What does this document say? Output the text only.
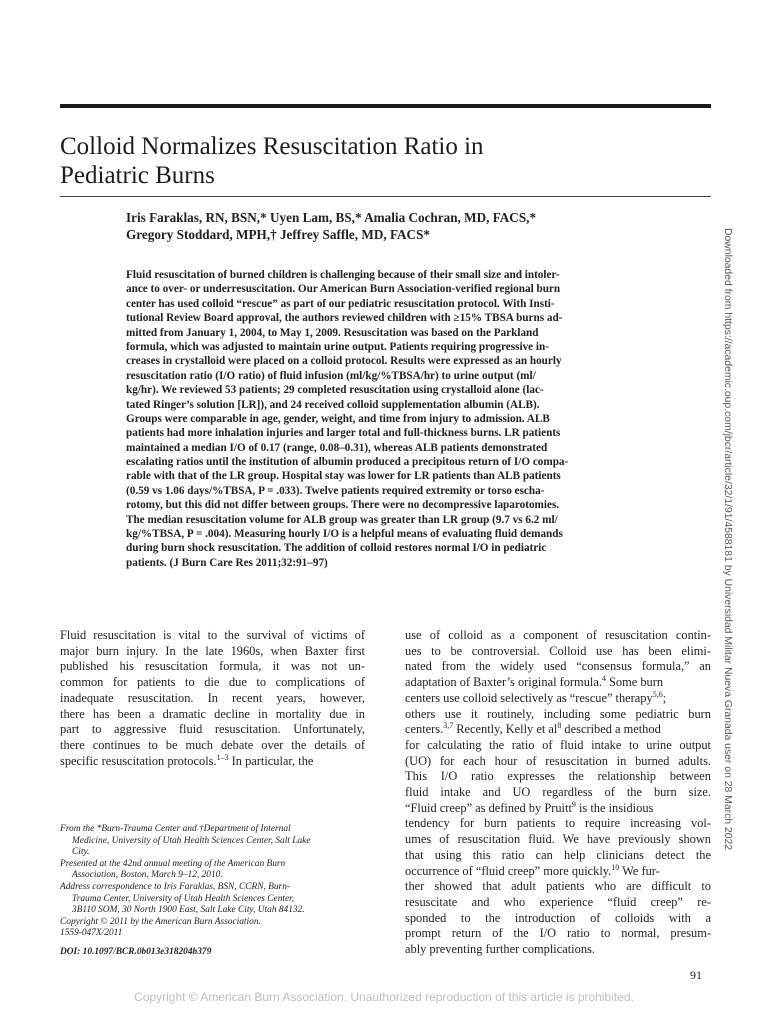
Colloid Normalizes Resuscitation Ratio in
Pediatric Burns
Iris Faraklas, RN, BSN,* Uyen Lam, BS,* Amalia Cochran, MD, FACS,*
Gregory Stoddard, MPH,† Jeffrey Saffle, MD, FACS*
Fluid resuscitation of burned children is challenging because of their small size and intoler-
ance to over- or underresuscitation. Our American Burn Association-verified regional burn
center has used colloid “rescue” as part of our pediatric resuscitation protocol. With Insti-
tutional Review Board approval, the authors reviewed children with ≥15% TBSA burns ad-
mitted from January 1, 2004, to May 1, 2009. Resuscitation was based on the Parkland
formula, which was adjusted to maintain urine output. Patients requiring progressive in-
creases in crystalloid were placed on a colloid protocol. Results were expressed as an hourly
resuscitation ratio (I/O ratio) of fluid infusion (ml/kg/%TBSA/hr) to urine output (ml/
kg/hr). We reviewed 53 patients; 29 completed resuscitation using crystalloid alone (lac-
tated Ringer’s solution [LR]), and 24 received colloid supplementation albumin (ALB).
Groups were comparable in age, gender, weight, and time from injury to admission. ALB
patients had more inhalation injuries and larger total and full-thickness burns. LR patients
maintained a median I/O of 0.17 (range, 0.08–0.31), whereas ALB patients demonstrated
escalating ratios until the institution of albumin produced a precipitous return of I/O compa-
rable with that of the LR group. Hospital stay was lower for LR patients than ALB patients
(0.59 vs 1.06 days/%TBSA, P = .033). Twelve patients required extremity or torso escha-
rotomy, but this did not differ between groups. There were no decompressive laparotomies.
The median resuscitation volume for ALB group was greater than LR group (9.7 vs 6.2 ml/
kg/%TBSA, P = .004). Measuring hourly I/O is a helpful means of evaluating fluid demands
during burn shock resuscitation. The addition of colloid restores normal I/O in pediatric
patients. (J Burn Care Res 2011;32:91–97)
Fluid resuscitation is vital to the survival of victims of
major burn injury. In the late 1960s, when Baxter first
published his resuscitation formula, it was not un-
common for patients to die due to complications of
inadequate resuscitation. In recent years, however,
there has been a dramatic decline in mortality due in
part to aggressive fluid resuscitation. Unfortunately,
there continues to be much debate over the details of
specific resuscitation protocols.$^{1-3}$ In particular, the
use of colloid as a component of resuscitation contin-
ues to be controversial. Colloid use has been elimi-
nated from the widely used “consensus formula,” an
adaptation of Baxter’s original formula.$^4$ Some burn
centers use colloid selectively as “rescue” therapy$^{5,6}$;
others use it routinely, including some pediatric burn
centers.$^{3,7}$ Recently, Kelly et $al^8$ described a method
for calculating the ratio of fluid intake to urine output
(UO) for each hour of resuscitation in burned adults.
This I/O ratio expresses the relationship between
fluid intake and UO regardless of the burn size.
“Fluid creep” as defined by Pruitt$^9$ is the insidious
tendency for burn patients to require increasing vol-
umes of resuscitation fluid. We have previously shown
that using this ratio can help clinicians detect the
occurrence of “fluid creep” more quickly.$^{10}$ We fur-
ther showed that adult patients who are difficult to
resuscitate and who experience “fluid creep” re-
sponded to the introduction of colloids with a
prompt return of the I/O ratio to normal, presum-
ably preventing further complications.
From the *Burn-Trauma Center and †Department of Internal
Medicine, University of Utah Health Sciences Center, Salt Lake
City.
Presented at the 42nd annual meeting of the American Burn
Association, Boston, March 9–12, 2010.
Address correspondence to Iris Faraklas, BSN, CCRN, Burn-
Trauma Center, University of Utah Health Sciences Center,
3B110 SOM, 30 North 1900 East, Salt Lake City, Utah 84132.
Copyright © 2011 by the American Burn Association.
1559-047X/2011
DOI: 10.1097/BCR.0b013e318204b379
91
Copyright © American Burn Association. Unauthorized reproduction of this article is prohibited.
Downloaded from https://academic.oup.com/jbcr/article/32/1/91/4588181 by Universidad Militar Nueva Granada user on 28 March 2022
